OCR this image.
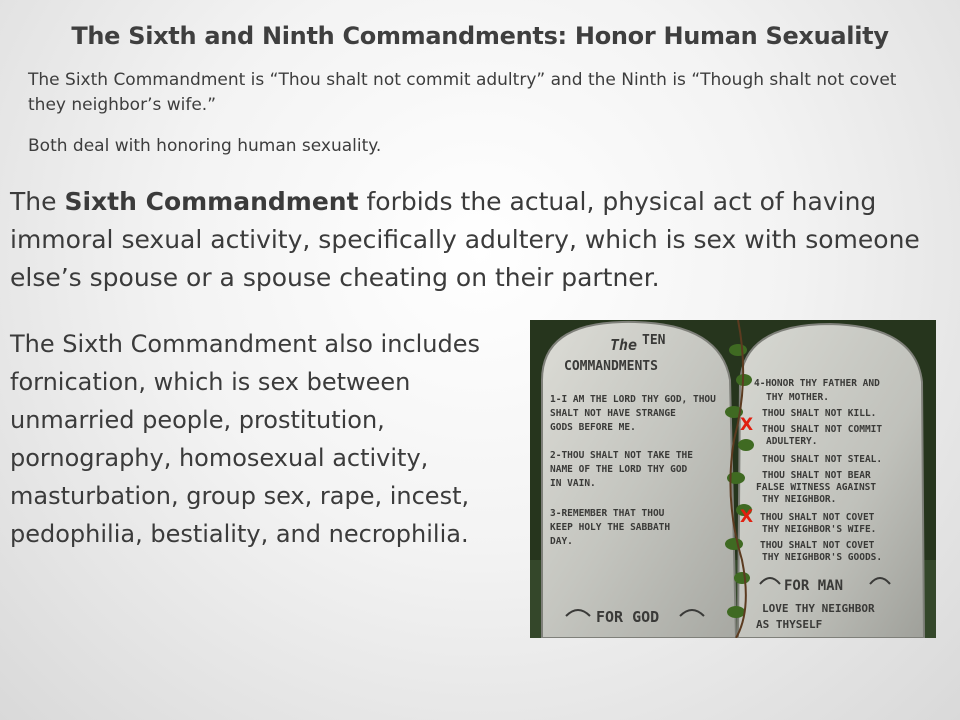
The Sixth and Ninth Commandments: Honor Human Sexuality

The Sixth Commandment is “Thou shalt not commit adultry” and the Ninth is “Though shalt not covet they neighbor’s wife.”

Both deal with honoring human sexuality.

The Sixth Commandment forbids the actual, physical act of having immoral sexual activity, specifically adultery, which is sex with someone else’s spouse or a spouse cheating on their partner.
The Sixth Commandment also includes fornication, which is sex between unmarried people, prostitution, pornography, homosexual activity, masturbation, group sex, rape, incest, pedophilia, bestiality, and necrophilia.
The TEN
COMMANDMENTS
1-I AM THE LORD THY GOD, THOU
SHALT NOT HAVE STRANGE
GODS BEFORE ME.
2-THOU SHALT NOT TAKE THE
NAME OF THE LORD THY GOD
IN VAIN.
3-REMEMBER THAT THOU
KEEP HOLY THE SABBATH
DAY.
FOR GOD
4-HONOR THY FATHER AND
THY MOTHER.
THOU SHALT NOT KILL.
THOU SHALT NOT COMMIT
ADULTERY.
THOU SHALT NOT STEAL.
THOU SHALT NOT BEAR
FALSE WITNESS AGAINST
THY NEIGHBOR.
THOU SHALT NOT COVET
THY NEIGHBOR'S WIFE.
THOU SHALT NOT COVET
THY NEIGHBOR'S GOODS.
FOR MAN
LOVE THY NEIGHBOR
AS THYSELF
X
X
